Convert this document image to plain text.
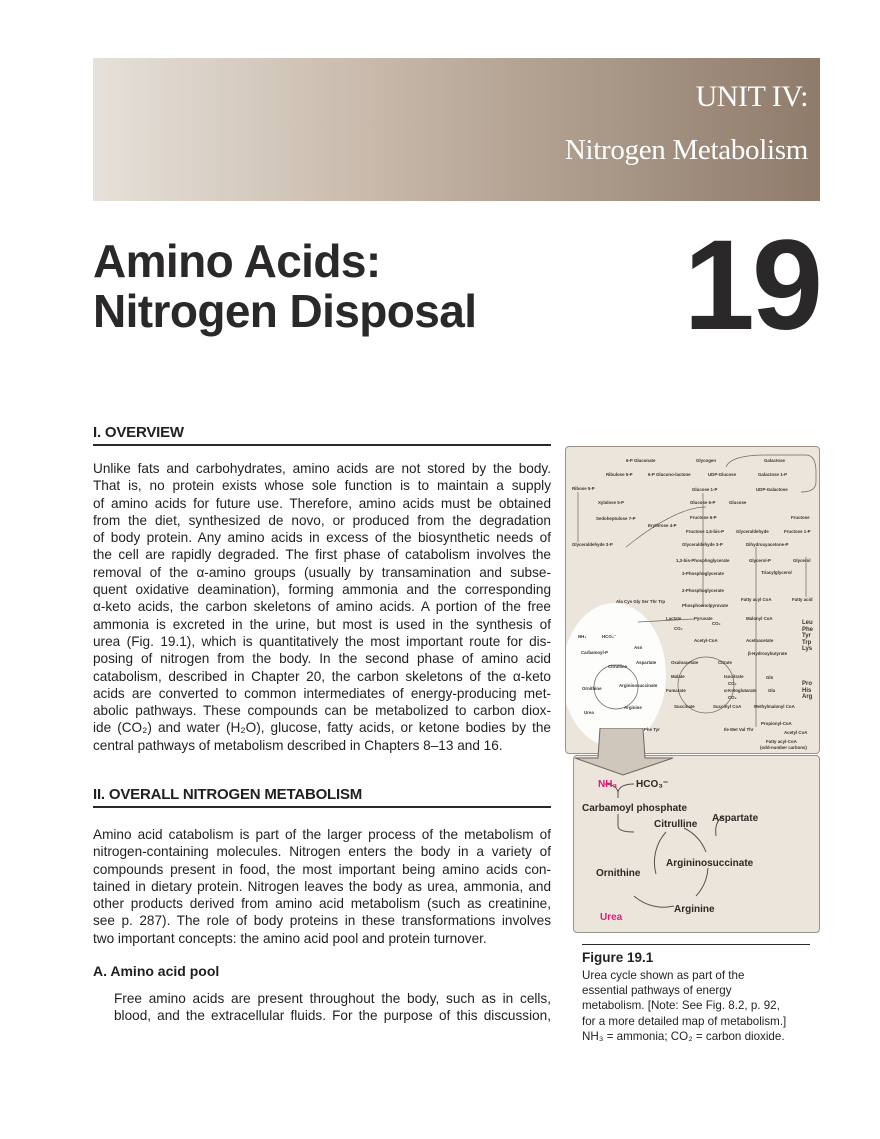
UNIT IV:
Nitrogen Metabolism
Amino Acids:
Nitrogen Disposal 19
I. OVERVIEW
Unlike fats and carbohydrates, amino acids are not stored by the body.
That is, no protein exists whose sole function is to maintain a supply
of amino acids for future use. Therefore, amino acids must be obtained
from the diet, synthesized de novo, or produced from the degradation
of body protein. Any amino acids in excess of the biosynthetic needs of
the cell are rapidly degraded. The first phase of catabolism involves the
removal of the α-amino groups (usually by transamination and subse-
quent oxidative deamination), forming ammonia and the corresponding
α-keto acids, the carbon skeletons of amino acids. A portion of the free
ammonia is excreted in the urine, but most is used in the synthesis of
urea (Fig. 19.1), which is quantitatively the most important route for dis-
posing of nitrogen from the body. In the second phase of amino acid
catabolism, described in Chapter 20, the carbon skeletons of the α-keto
acids are converted to common intermediates of energy-producing met-
abolic pathways. These compounds can be metabolized to carbon diox-
ide (CO₂) and water (H₂O), glucose, fatty acids, or ketone bodies by the
central pathways of metabolism described in Chapters 8–13 and 16.
II. OVERALL NITROGEN METABOLISM
Amino acid catabolism is part of the larger process of the metabolism of
nitrogen-containing molecules. Nitrogen enters the body in a variety of
compounds present in food, the most important being amino acids con-
tained in dietary protein. Nitrogen leaves the body as urea, ammonia, and
other products derived from amino acid metabolism (such as creatinine,
see p. 287). The role of body proteins in these transformations involves
two important concepts: the amino acid pool and protein turnover.
A. Amino acid pool
Free amino acids are present throughout the body, such as in cells,
blood, and the extracellular fluids. For the purpose of this discussion,
6-P Gluconate
Ribulose 5-P	6-P Glucono-lactone
Ribose 5-P
Xylulose 5-P
Sedoheptulose 7-P
Erythrose 4-P
Glyceraldehyde 3-P
Glycogen
UDP-Glucose
Galactose
Galactose 1-P
UDP-Galactose
Glucose 1-P
Glucose 6-P	Glucose
Fructose 6-P
Fructose 1,6-bis-P	Glyceraldehyde
Fructose
Fructose 1-P
Glyceraldehyde 3-P	Dihydroxyacetone-P
1,3-bis-Phosphoglycerate	Glycerol-P	Glycerol
3-Phosphoglycerate	Triacylglycerol
2-Phosphoglycerate
Phosphoenolpyruvate
Fatty acyl CoA	Fatty acid
Ala Cys Gly Ser Thr Trp
Lactate	Pyruvate	Malonyl CoA
CO₂
CO₂
Acetyl-CoA	Acetoacetate
β-Hydroxybutyrate
NH₃	HCO₃⁻
Carbamoyl-P
Asn
Aspartate	Oxaloacetate	Citrate
Citrulline
Argininosuccinate
Ornithine
Malate	Isocitrate	Gln
Fumarate	α-Ketoglutarate	Glu
Arginine
Urea
Succinate	Succinyl CoA	Methylmalonyl CoA
Phe Tyr	Ile Met Val Thr
Propionyl-CoA
Acetyl CoA
Fatty acyl-CoA
(odd-number carbons)
CO₂
CO₂
Leu Phe Tyr Trp Lys
Pro His Arg
NH₃ HCO₃⁻
Carbamoyl phosphate
Citrulline
Aspartate
Argininosuccinate
Ornithine
Arginine
Urea
Figure 19.1
Urea cycle shown as part of the
essential pathways of energy
metabolism. [Note: See Fig. 8.2, p. 92,
for a more detailed map of metabolism.]
NH₃ = ammonia; CO₂ = carbon dioxide.
